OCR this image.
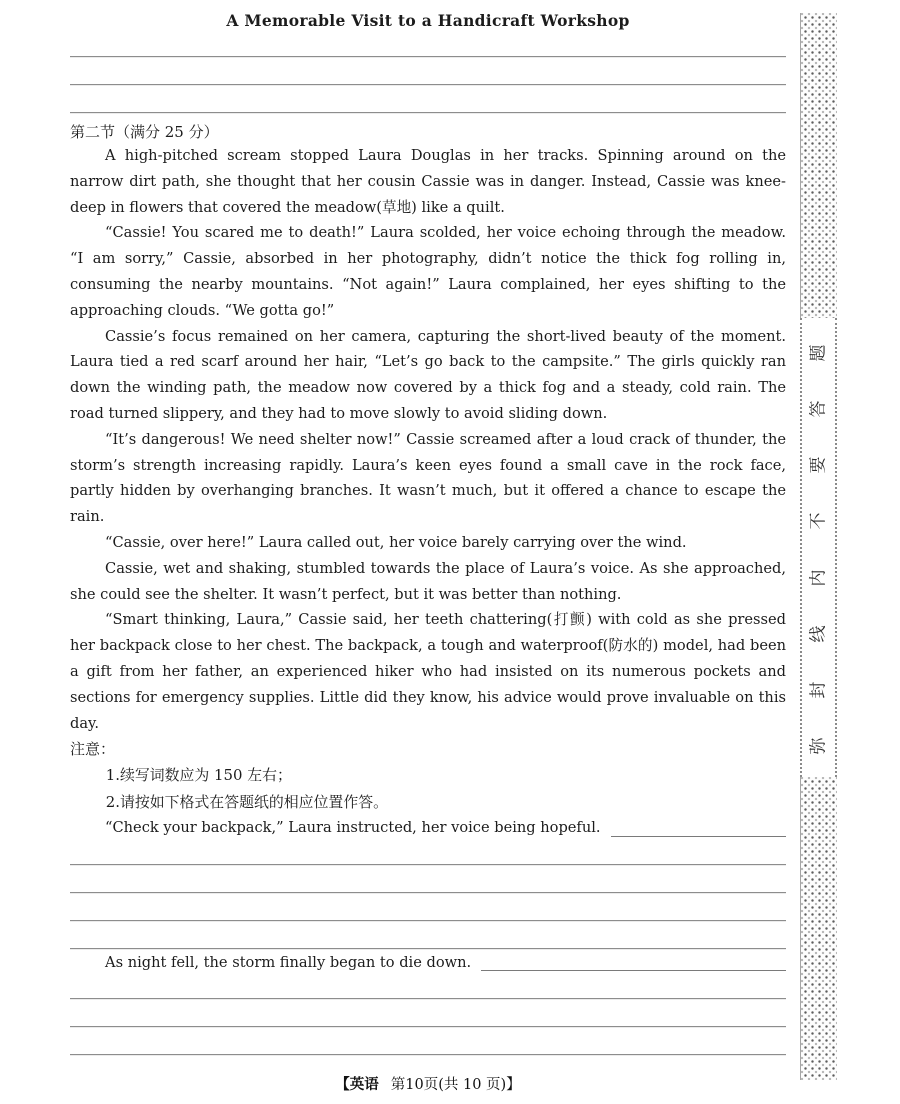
A Memorable Visit to a Handicraft Workshop
第二节（满分 25 分）

A high-pitched scream stopped Laura Douglas in her tracks. Spinning around on the narrow dirt path, she thought that her cousin Cassie was in danger. Instead, Cassie was knee-deep in flowers that covered the meadow(草地) like a quilt.

“Cassie! You scared me to death!” Laura scolded, her voice echoing through the meadow. “I am sorry,” Cassie, absorbed in her photography, didn’t notice the thick fog rolling in, consuming the nearby mountains. “Not again!” Laura complained, her eyes shifting to the approaching clouds. “We gotta go!”

Cassie’s focus remained on her camera, capturing the short-lived beauty of the moment. Laura tied a red scarf around her hair, “Let’s go back to the campsite.” The girls quickly ran down the winding path, the meadow now covered by a thick fog and a steady, cold rain. The road turned slippery, and they had to move slowly to avoid sliding down.

“It’s dangerous! We need shelter now!” Cassie screamed after a loud crack of thunder, the storm’s strength increasing rapidly. Laura’s keen eyes found a small cave in the rock face, partly hidden by overhanging branches. It wasn’t much, but it offered a chance to escape the rain.

“Cassie, over here!” Laura called out, her voice barely carrying over the wind.

Cassie, wet and shaking, stumbled towards the place of Laura’s voice. As she approached, she could see the shelter. It wasn’t perfect, but it was better than nothing.

“Smart thinking, Laura,” Cassie said, her teeth chattering(打颤) with cold as she pressed her backpack close to her chest. The backpack, a tough and waterproof(防水的) model, had been a gift from her father, an experienced hiker who had insisted on its numerous pockets and sections for emergency supplies. Little did they know, his advice would prove invaluable on this day.

注意：
1.续写词数应为 150 左右；
2.请按如下格式在答题纸的相应位置作答。

“Check your backpack,” Laura instructed, her voice being hopeful.

As night fell, the storm finally began to die down.

【英语 第10页(共 10 页)】
弥
封
线
内
不
要
答
题
